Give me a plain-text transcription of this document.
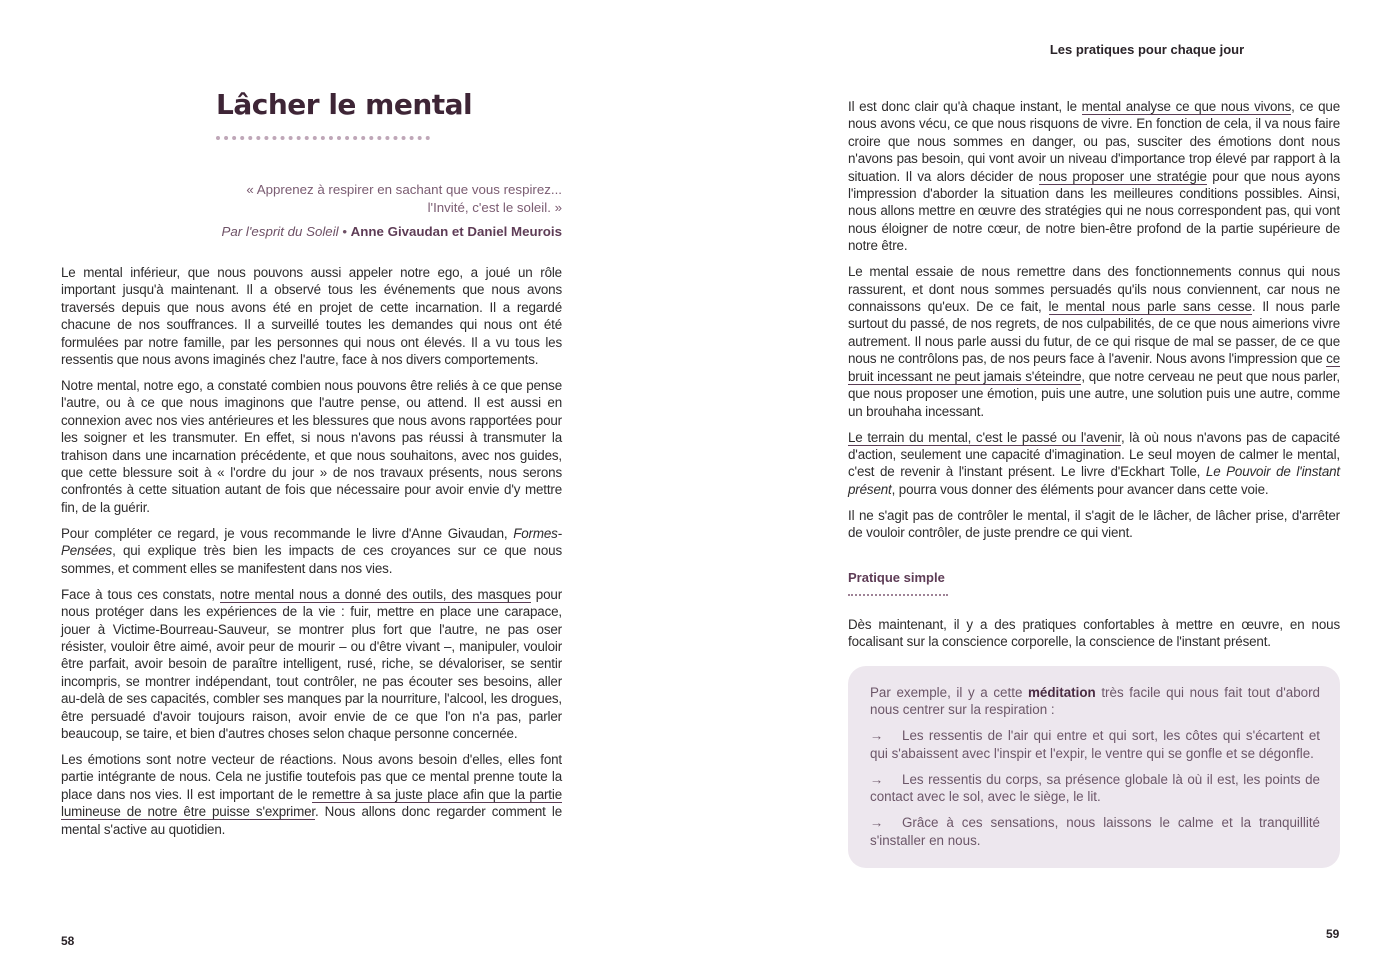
Lâcher le mental

« Apprenez à respirer en sachant que vous respirez...

l'Invité, c'est le soleil. »

Par l'esprit du Soleil • Anne Givaudan et Daniel Meurois

Le mental inférieur, que nous pouvons aussi appeler notre ego, a joué un rôle important jusqu'à maintenant. Il a observé tous les événements que nous avons traversés depuis que nous avons été en projet de cette incarnation. Il a regardé chacune de nos souffrances. Il a surveillé toutes les demandes qui nous ont été formulées par notre famille, par les personnes qui nous ont élevés. Il a vu tous les ressentis que nous avons imaginés chez l'autre, face à nos divers comportements.

Notre mental, notre ego, a constaté combien nous pouvons être reliés à ce que pense l'autre, ou à ce que nous imaginons que l'autre pense, ou attend. Il est aussi en connexion avec nos vies antérieures et les blessures que nous avons rapportées pour les soigner et les transmuter. En effet, si nous n'avons pas réussi à transmuter la trahison dans une incarnation précédente, et que nous souhaitons, avec nos guides, que cette blessure soit à « l'ordre du jour » de nos travaux présents, nous serons confrontés à cette situation autant de fois que nécessaire pour avoir envie d'y mettre fin, de la guérir.

Pour compléter ce regard, je vous recommande le livre d'Anne Givaudan, Formes-Pensées, qui explique très bien les impacts de ces croyances sur ce que nous sommes, et comment elles se manifestent dans nos vies.

Face à tous ces constats, notre mental nous a donné des outils, des masques pour nous protéger dans les expériences de la vie : fuir, mettre en place une carapace, jouer à Victime-Bourreau-Sauveur, se montrer plus fort que l'autre, ne pas oser résister, vouloir être aimé, avoir peur de mourir – ou d'être vivant –, manipuler, vouloir être parfait, avoir besoin de paraître intelligent, rusé, riche, se dévaloriser, se sentir incompris, se montrer indépendant, tout contrôler, ne pas écouter ses besoins, aller au-delà de ses capacités, combler ses manques par la nourriture, l'alcool, les drogues, être persuadé d'avoir toujours raison, avoir envie de ce que l'on n'a pas, parler beaucoup, se taire, et bien d'autres choses selon chaque personne concernée.

Les émotions sont notre vecteur de réactions. Nous avons besoin d'elles, elles font partie intégrante de nous. Cela ne justifie toutefois pas que ce mental prenne toute la place dans nos vies. Il est important de le remettre à sa juste place afin que la partie lumineuse de notre être puisse s'exprimer. Nous allons donc regarder comment le mental s'active au quotidien.

58
Les pratiques pour chaque jour

Il est donc clair qu'à chaque instant, le mental analyse ce que nous vivons, ce que nous avons vécu, ce que nous risquons de vivre. En fonction de cela, il va nous faire croire que nous sommes en danger, ou pas, susciter des émotions dont nous n'avons pas besoin, qui vont avoir un niveau d'importance trop élevé par rapport à la situation. Il va alors décider de nous proposer une stratégie pour que nous ayons l'impression d'aborder la situation dans les meilleures conditions possibles. Ainsi, nous allons mettre en œuvre des stratégies qui ne nous correspondent pas, qui vont nous éloigner de notre cœur, de notre bien-être profond de la partie supérieure de notre être.

Le mental essaie de nous remettre dans des fonctionnements connus qui nous rassurent, et dont nous sommes persuadés qu'ils nous conviennent, car nous ne connaissons qu'eux. De ce fait, le mental nous parle sans cesse. Il nous parle surtout du passé, de nos regrets, de nos culpabilités, de ce que nous aimerions vivre autrement. Il nous parle aussi du futur, de ce qui risque de mal se passer, de ce que nous ne contrôlons pas, de nos peurs face à l'avenir. Nous avons l'impression que ce bruit incessant ne peut jamais s'éteindre, que notre cerveau ne peut que nous parler, que nous proposer une émotion, puis une autre, une solution puis une autre, comme un brouhaha incessant.

Le terrain du mental, c'est le passé ou l'avenir, là où nous n'avons pas de capacité d'action, seulement une capacité d'imagination. Le seul moyen de calmer le mental, c'est de revenir à l'instant présent. Le livre d'Eckhart Tolle, Le Pouvoir de l'instant présent, pourra vous donner des éléments pour avancer dans cette voie.

Il ne s'agit pas de contrôler le mental, il s'agit de le lâcher, de lâcher prise, d'arrêter de vouloir contrôler, de juste prendre ce qui vient.

Pratique simple

Dès maintenant, il y a des pratiques confortables à mettre en œuvre, en nous focalisant sur la conscience corporelle, la conscience de l'instant présent.

Par exemple, il y a cette méditation très facile qui nous fait tout d'abord nous centrer sur la respiration :

→ Les ressentis de l'air qui entre et qui sort, les côtes qui s'écartent et qui s'abaissent avec l'inspir et l'expir, le ventre qui se gonfle et se dégonfle.

→ Les ressentis du corps, sa présence globale là où il est, les points de contact avec le sol, avec le siège, le lit.

→ Grâce à ces sensations, nous laissons le calme et la tranquillité s'installer en nous.

59
